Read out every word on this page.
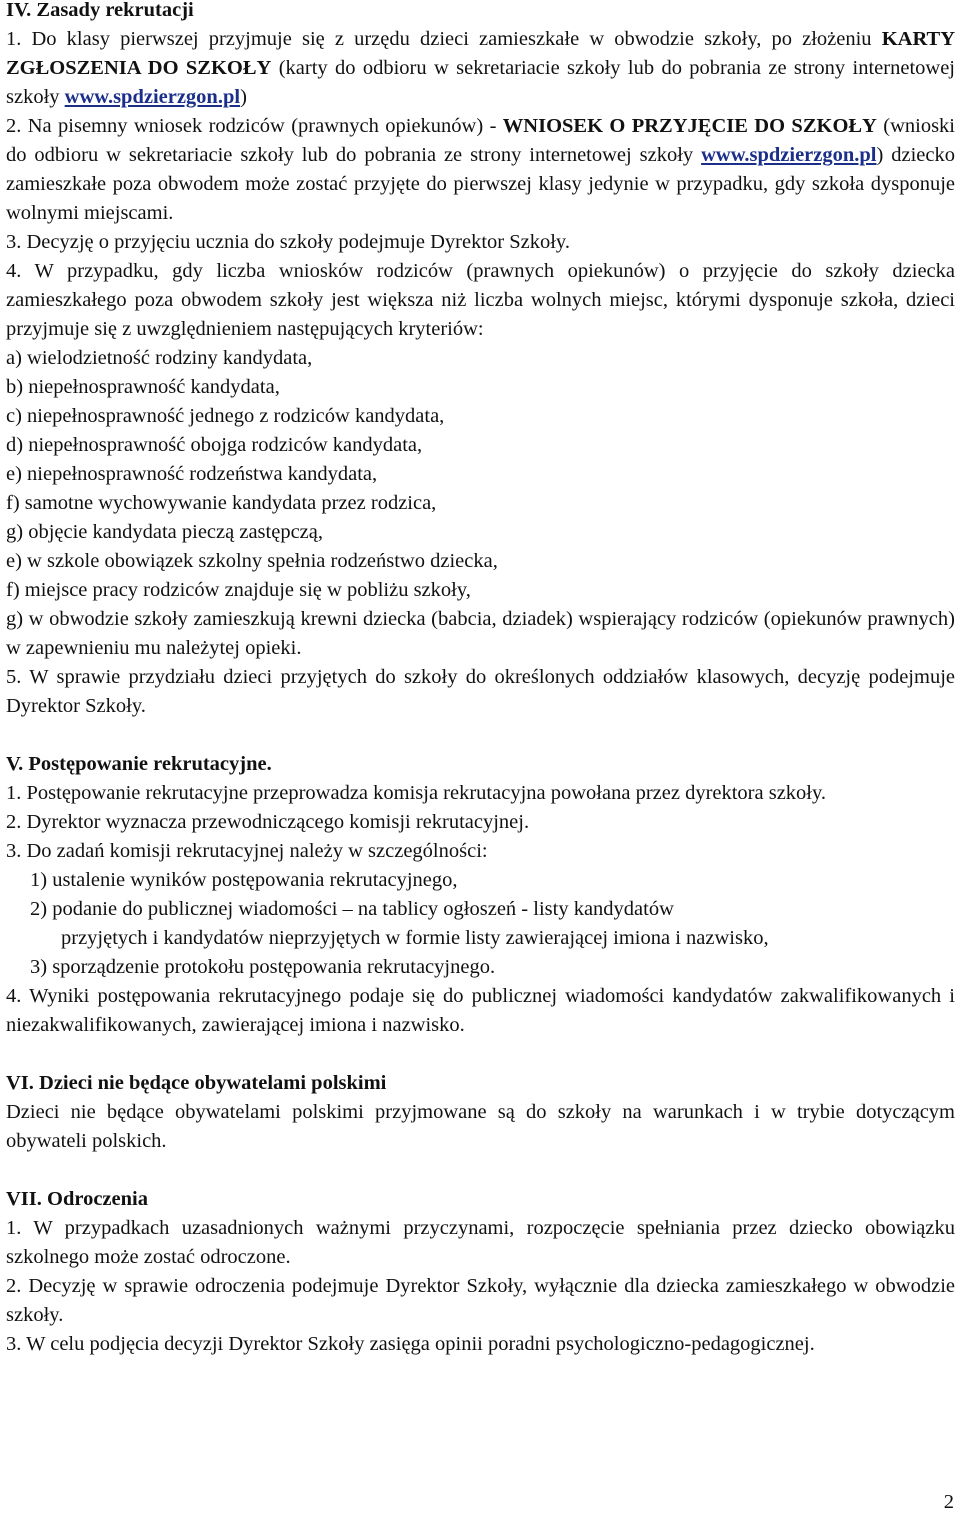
IV. Zasady rekrutacji

1. Do klasy pierwszej przyjmuje się z urzędu dzieci zamieszkałe w obwodzie szkoły, po złożeniu KARTY ZGŁOSZENIA DO SZKOŁY (karty do odbioru w sekretariacie szkoły lub do pobrania ze strony internetowej szkoły www.spdzierzgon.pl)

2. Na pisemny wniosek rodziców (prawnych opiekunów) - WNIOSEK O PRZYJĘCIE DO SZKOŁY (wnioski do odbioru w sekretariacie szkoły lub do pobrania ze strony internetowej szkoły www.spdzierzgon.pl) dziecko zamieszkałe poza obwodem może zostać przyjęte do pierwszej klasy jedynie w przypadku, gdy szkoła dysponuje wolnymi miejscami.

3. Decyzję o przyjęciu ucznia do szkoły podejmuje Dyrektor Szkoły.

4. W przypadku, gdy liczba wniosków rodziców (prawnych opiekunów) o przyjęcie do szkoły dziecka zamieszkałego poza obwodem szkoły jest większa niż liczba wolnych miejsc, którymi dysponuje szkoła, dzieci przyjmuje się z uwzględnieniem następujących kryteriów:

a) wielodzietność rodziny kandydata,
b) niepełnosprawność kandydata,
c) niepełnosprawność jednego z rodziców kandydata,
d) niepełnosprawność obojga rodziców kandydata,
e) niepełnosprawność rodzeństwa kandydata,
f) samotne wychowywanie kandydata przez rodzica,
g) objęcie kandydata pieczą zastępczą,
e) w szkole obowiązek szkolny spełnia rodzeństwo dziecka,
f) miejsce pracy rodziców znajduje się w pobliżu szkoły,

g) w obwodzie szkoły zamieszkują krewni dziecka (babcia, dziadek) wspierający rodziców (opiekunów prawnych) w zapewnieniu mu należytej opieki.

5. W sprawie przydziału dzieci przyjętych do szkoły do określonych oddziałów klasowych, decyzję podejmuje Dyrektor Szkoły.

V. Postępowanie rekrutacyjne.

1. Postępowanie rekrutacyjne przeprowadza komisja rekrutacyjna powołana przez dyrektora szkoły.

2. Dyrektor wyznacza przewodniczącego komisji rekrutacyjnej.

3. Do zadań komisji rekrutacyjnej należy w szczególności:

1) ustalenie wyników postępowania rekrutacyjnego,
2) podanie do publicznej wiadomości – na tablicy ogłoszeń - listy kandydatów
przyjętych i kandydatów nieprzyjętych w formie listy zawierającej imiona i nazwisko,
3) sporządzenie protokołu postępowania rekrutacyjnego.

4. Wyniki postępowania rekrutacyjnego podaje się do publicznej wiadomości kandydatów zakwalifikowanych i niezakwalifikowanych, zawierającej imiona i nazwisko.

VI. Dzieci nie będące obywatelami polskimi

Dzieci nie będące obywatelami polskimi przyjmowane są do szkoły na warunkach i w trybie dotyczącym obywateli polskich.

VII. Odroczenia

1. W przypadkach uzasadnionych ważnymi przyczynami, rozpoczęcie spełniania przez dziecko obowiązku szkolnego może zostać odroczone.

2. Decyzję w sprawie odroczenia podejmuje Dyrektor Szkoły, wyłącznie dla dziecka zamieszkałego w obwodzie szkoły.

3. W celu podjęcia decyzji Dyrektor Szkoły zasięga opinii poradni psychologiczno-pedagogicznej.

2
